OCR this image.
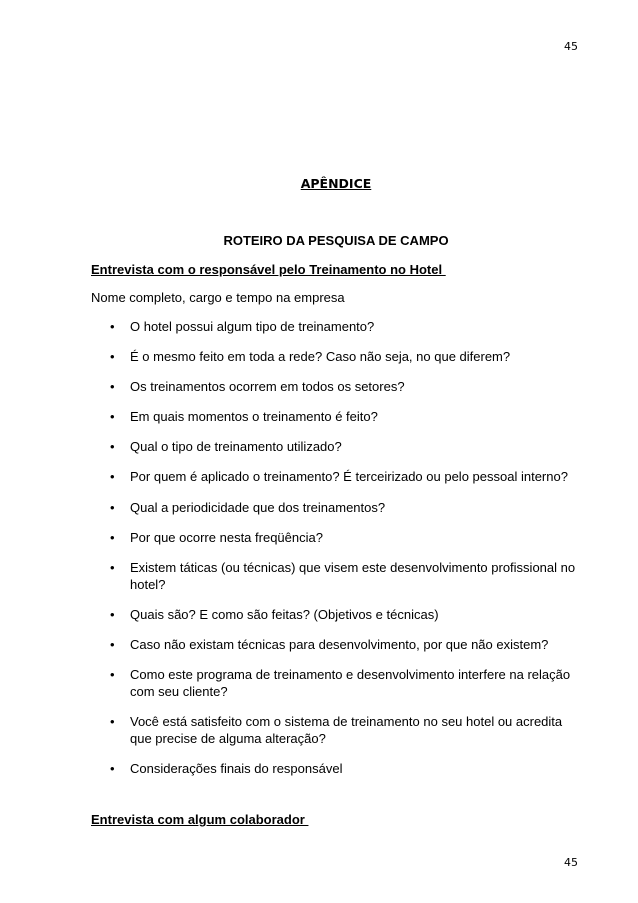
45
APÊNDICE
ROTEIRO DA PESQUISA DE CAMPO
Entrevista com o responsável pelo Treinamento no Hotel
Nome completo, cargo e tempo na empresa
• O hotel possui algum tipo de treinamento?
• É o mesmo feito em toda a rede? Caso não seja, no que diferem?
• Os treinamentos ocorrem em todos os setores?
• Em quais momentos o treinamento é feito?
• Qual o tipo de treinamento utilizado?
• Por quem é aplicado o treinamento? É terceirizado ou pelo pessoal interno?
• Qual a periodicidade que dos treinamentos?
• Por que ocorre nesta freqüência?
• Existem táticas (ou técnicas) que visem este desenvolvimento profissional no hotel?
• Quais são? E como são feitas? (Objetivos e técnicas)
• Caso não existam técnicas para desenvolvimento, por que não existem?
• Como este programa de treinamento e desenvolvimento interfere na relação com seu cliente?
• Você está satisfeito com o sistema de treinamento no seu hotel ou acredita que precise de alguma alteração?
• Considerações finais do responsável
Entrevista com algum colaborador
45
